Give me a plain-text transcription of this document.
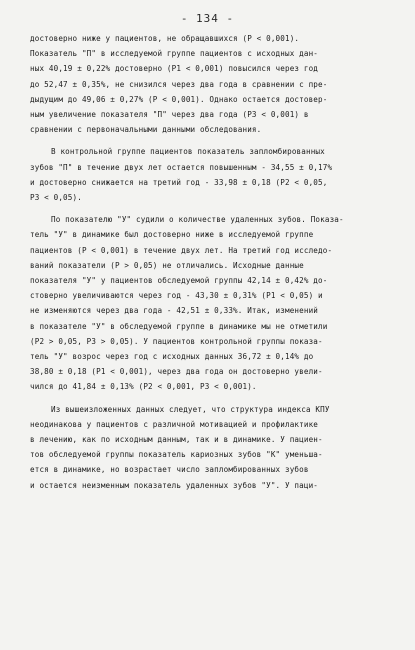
- 134 -
достоверно ниже у пациентов, не обращавшихся (P < 0,001).
Показатель "П" в исследуемой группе пациентов с исходных дан-
ных 40,19 ± 0,22% достоверно (P1 < 0,001) повысился через год
до 52,47 ± 0,35%, не снизился через два года в сравнении с пре-
дыдущим до 49,06 ± 0,27% (P < 0,001). Однако остается достовер-
ным увеличение показателя "П" через два года (P3 < 0,001) в
сравнении с первоначальными данными обследования.
В контрольной группе пациентов показатель запломбированных
зубов "П" в течение двух лет остается повышенным - 34,55 ± 0,17%
и достоверно снижается на третий год - 33,98 ± 0,18 (P2 < 0,05,
P3 < 0,05).
По показателю "У" судили о количестве удаленных зубов. Показа-
тель "У" в динамике был достоверно ниже в исследуемой группе
пациентов (P < 0,001) в течение двух лет. На третий год исследо-
ваний показатели (P > 0,05) не отличались. Исходные данные
показателя "У" у пациентов обследуемой группы 42,14 ± 0,42% до-
стоверно увеличиваются через год - 43,30 ± 0,31% (P1 < 0,05) и
не изменяются через два года - 42,51 ± 0,33%. Итак, изменений
в показателе "У" в обследуемой группе в динамике мы не отметили
(P2 > 0,05, P3 > 0,05). У пациентов контрольной группы показа-
тель "У" возрос через год с исходных данных 36,72 ± 0,14% до
38,80 ± 0,18 (P1 < 0,001), через два года он достоверно увели-
чился до 41,84 ± 0,13% (P2 < 0,001, P3 < 0,001).
Из вышеизложенных данных следует, что структура индекса КПУ
неодинакова у пациентов с различной мотивацией и профилактике
в лечению, как по исходным данным, так и в динамике. У пациен-
тов обследуемой группы показатель кариозных зубов "К" уменьша-
ется в динамике, но возрастает число запломбированных зубов
и остается неизменным показатель удаленных зубов "У". У паци-
